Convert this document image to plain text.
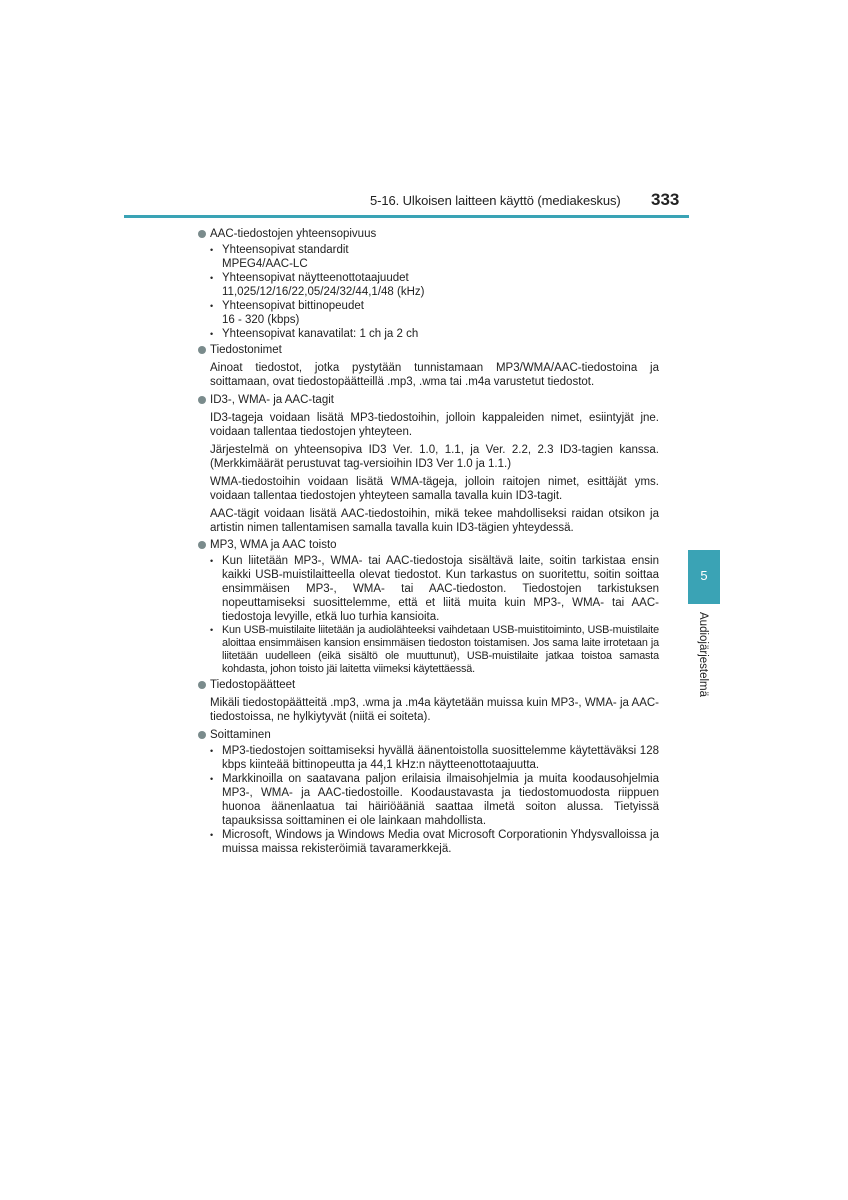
5-16. Ulkoisen laitteen käyttö (mediakeskus) 333
5
Audiojärjestelmä
AAC-tiedostojen yhteensopivuus
• Yhteensopivat standardit
MPEG4/AAC-LC
• Yhteensopivat näytteenottotaajuudet
11,025/12/16/22,05/24/32/44,1/48 (kHz)
• Yhteensopivat bittinopeudet
16 - 320 (kbps)
• Yhteensopivat kanavatilat: 1 ch ja 2 ch
Tiedostonimet

Ainoat tiedostot, jotka pystytään tunnistamaan MP3/WMA/AAC-tiedostoina ja soittamaan, ovat tiedostopäätteillä .mp3, .wma tai .m4a varustetut tiedostot.

ID3-, WMA- ja AAC-tagit

ID3-tageja voidaan lisätä MP3-tiedostoihin, jolloin kappaleiden nimet, esiintyjät jne. voidaan tallentaa tiedostojen yhteyteen.

Järjestelmä on yhteensopiva ID3 Ver. 1.0, 1.1, ja Ver. 2.2, 2.3 ID3-tagien kanssa. (Merkkimäärät perustuvat tag-versioihin ID3 Ver 1.0 ja 1.1.)

WMA-tiedostoihin voidaan lisätä WMA-tägeja, jolloin raitojen nimet, esittäjät yms. voidaan tallentaa tiedostojen yhteyteen samalla tavalla kuin ID3-tagit.

AAC-tägit voidaan lisätä AAC-tiedostoihin, mikä tekee mahdolliseksi raidan otsikon ja artistin nimen tallentamisen samalla tavalla kuin ID3-tägien yhteydessä.

MP3, WMA ja AAC toisto
• Kun liitetään MP3-, WMA- tai AAC-tiedostoja sisältävä laite, soitin tarkistaa ensin kaikki USB-muistilaitteella olevat tiedostot. Kun tarkastus on suoritettu, soitin soittaa ensimmäisen MP3-, WMA- tai AAC-tiedoston. Tiedostojen tarkistuksen nopeuttamiseksi suosittelemme, että et liitä muita kuin MP3-, WMA- tai AAC-tiedostoja levyille, etkä luo turhia kansioita.
• Kun USB-muistilaite liitetään ja audiolähteeksi vaihdetaan USB-muistitoiminto, USB-muistilaite aloittaa ensimmäisen kansion ensimmäisen tiedoston toistamisen. Jos sama laite irrotetaan ja liitetään uudelleen (eikä sisältö ole muuttunut), USB-muistilaite jatkaa toistoa samasta kohdasta, johon toisto jäi laitetta viimeksi käytettäessä.
Tiedostopäätteet

Mikäli tiedostopäätteitä .mp3, .wma ja .m4a käytetään muissa kuin MP3-, WMA- ja AAC-tiedostoissa, ne hylkiytyvät (niitä ei soiteta).

Soittaminen
• MP3-tiedostojen soittamiseksi hyvällä äänentoistolla suosittelemme käytettäväksi 128 kbps kiinteää bittinopeutta ja 44,1 kHz:n näytteenottotaajuutta.
• Markkinoilla on saatavana paljon erilaisia ilmaisohjelmia ja muita koodausohjelmia MP3-, WMA- ja AAC-tiedostoille. Koodaustavasta ja tiedostomuodosta riippuen huonoa äänenlaatua tai häiriöääniä saattaa ilmetä soiton alussa. Tietyissä tapauksissa soittaminen ei ole lainkaan mahdollista.
• Microsoft, Windows ja Windows Media ovat Microsoft Corporationin Yhdysvalloissa ja muissa maissa rekisteröimiä tavaramerkkejä.
